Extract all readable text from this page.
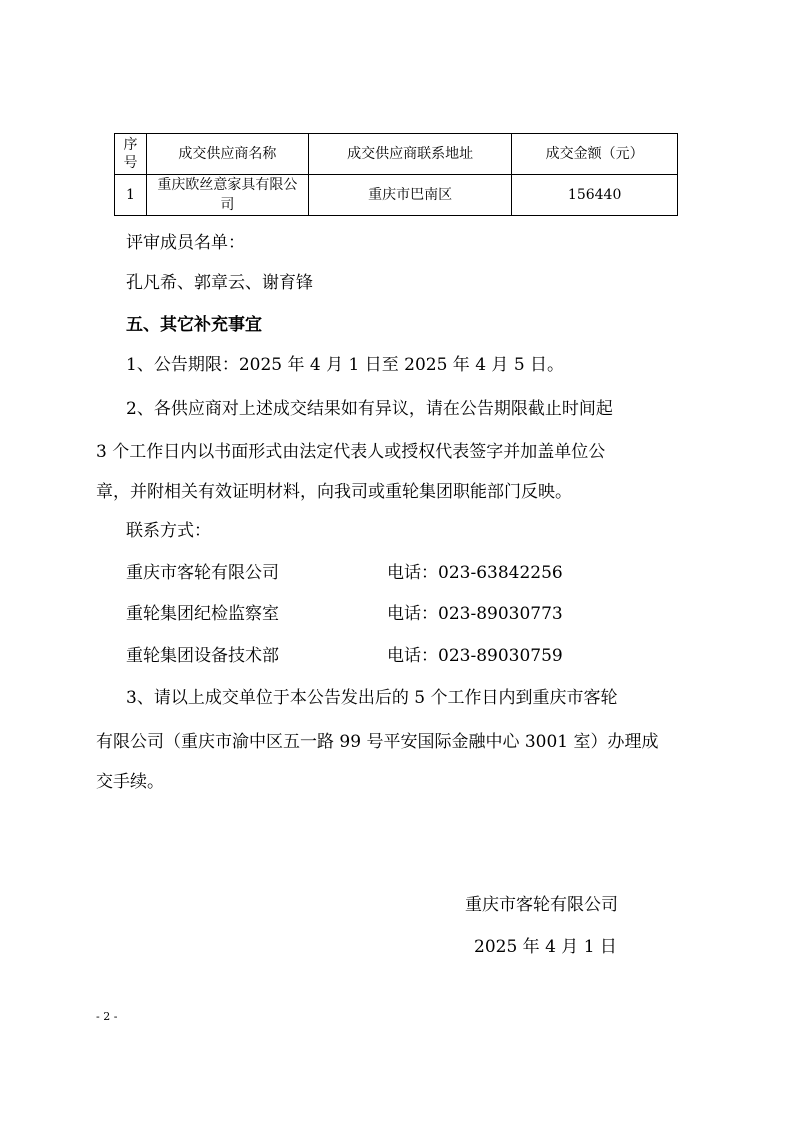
序
号	成交供应商名称	成交供应商联系地址	成交金额（元）
1	重庆欧丝意家具有限公司	重庆市巴南区	156440
评审成员名单：
孔凡希、郭章云、谢育锋
五、其它补充事宜
1、公告期限：2025 年 4 月 1 日至 2025 年 4 月 5 日。
2、各供应商对上述成交结果如有异议，请在公告期限截止时间起
3 个工作日内以书面形式由法定代表人或授权代表签字并加盖单位公
章，并附相关有效证明材料，向我司或重轮集团职能部门反映。
联系方式：
重庆市客轮有限公司	电话：023-63842256
重轮集团纪检监察室	电话：023-89030773
重轮集团设备技术部	电话：023-89030759
3、请以上成交单位于本公告发出后的 5 个工作日内到重庆市客轮
有限公司（重庆市渝中区五一路 99 号平安国际金融中心 3001 室）办理成
交手续。
重庆市客轮有限公司
2025 年 4 月 1 日
- 2 -
